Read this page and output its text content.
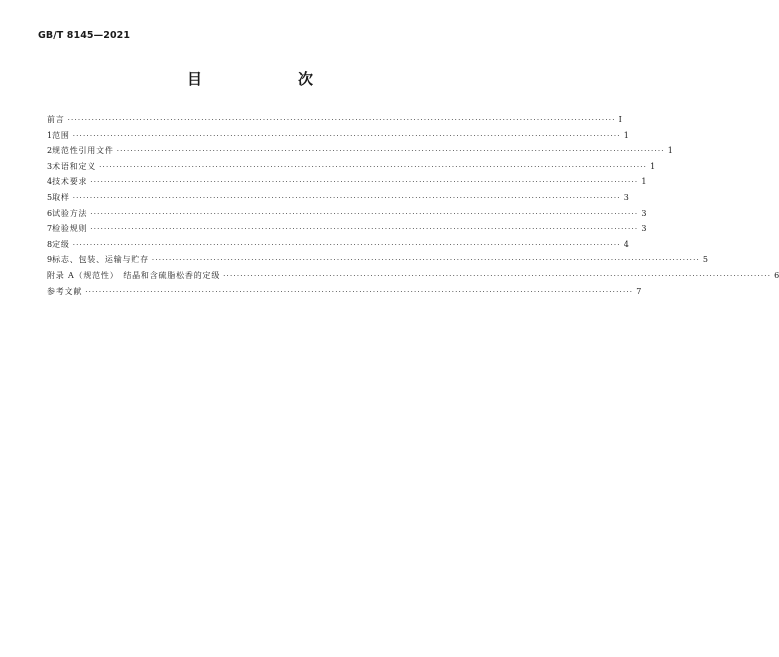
GB/T 8145—2021
目　　次
前言 ································································································································································ Ⅰ
1 范围 ································································································································································ 1
2 规范性引用文件 ································································································································································ 1
3 术语和定义 ································································································································································ 1
4 技术要求 ································································································································································ 1
5 取样 ································································································································································ 3
6 试验方法 ································································································································································ 3
7 检验规则 ································································································································································ 3
8 定级 ································································································································································ 4
9 标志、包装、运输与贮存 ································································································································································ 5
附录 A（规范性）　结晶和含硫脂松香的定级 ································································································································································ 6
参考文献 ································································································································································ 7
